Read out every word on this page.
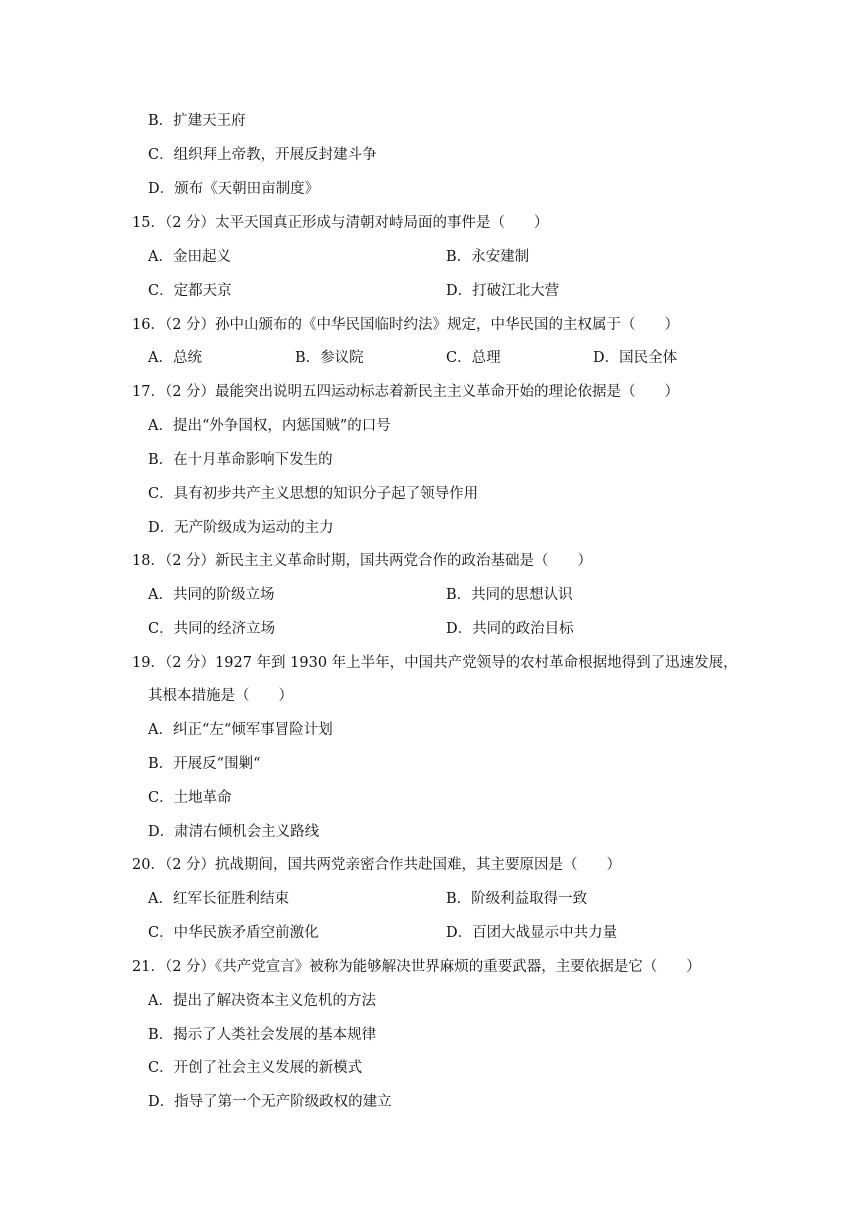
B．扩建天王府
C．组织拜上帝教，开展反封建斗争
D．颁布《天朝田亩制度》
15．（2 分）太平天国真正形成与清朝对峙局面的事件是（　　）
A．金田起义	B．永安建制
C．定都天京	D．打破江北大营
16．（2 分）孙中山颁布的《中华民国临时约法》规定，中华民国的主权属于（　　）
A．总统	B．参议院	C．总理	D．国民全体
17．（2 分）最能突出说明五四运动标志着新民主主义革命开始的理论依据是（　　）
A．提出“外争国权，内惩国贼”的口号
B．在十月革命影响下发生的
C．具有初步共产主义思想的知识分子起了领导作用
D．无产阶级成为运动的主力
18．（2 分）新民主主义革命时期，国共两党合作的政治基础是（　　）
A．共同的阶级立场	B．共同的思想认识
C．共同的经济立场	D．共同的政治目标
19．（2 分）1927 年到 1930 年上半年，中国共产党领导的农村革命根据地得到了迅速发展，
其根本措施是（　　）
A．纠正“左“倾军事冒险计划
B．开展反“围剿“
C．土地革命
D．肃清右倾机会主义路线
20．（2 分）抗战期间，国共两党亲密合作共赴国难，其主要原因是（　　）
A．红军长征胜利结束	B．阶级利益取得一致
C．中华民族矛盾空前激化	D．百团大战显示中共力量
21．（2 分）《共产党宣言》被称为能够解决世界麻烦的重要武器，主要依据是它（　　）
A．提出了解决资本主义危机的方法
B．揭示了人类社会发展的基本规律
C．开创了社会主义发展的新模式
D．指导了第一个无产阶级政权的建立
